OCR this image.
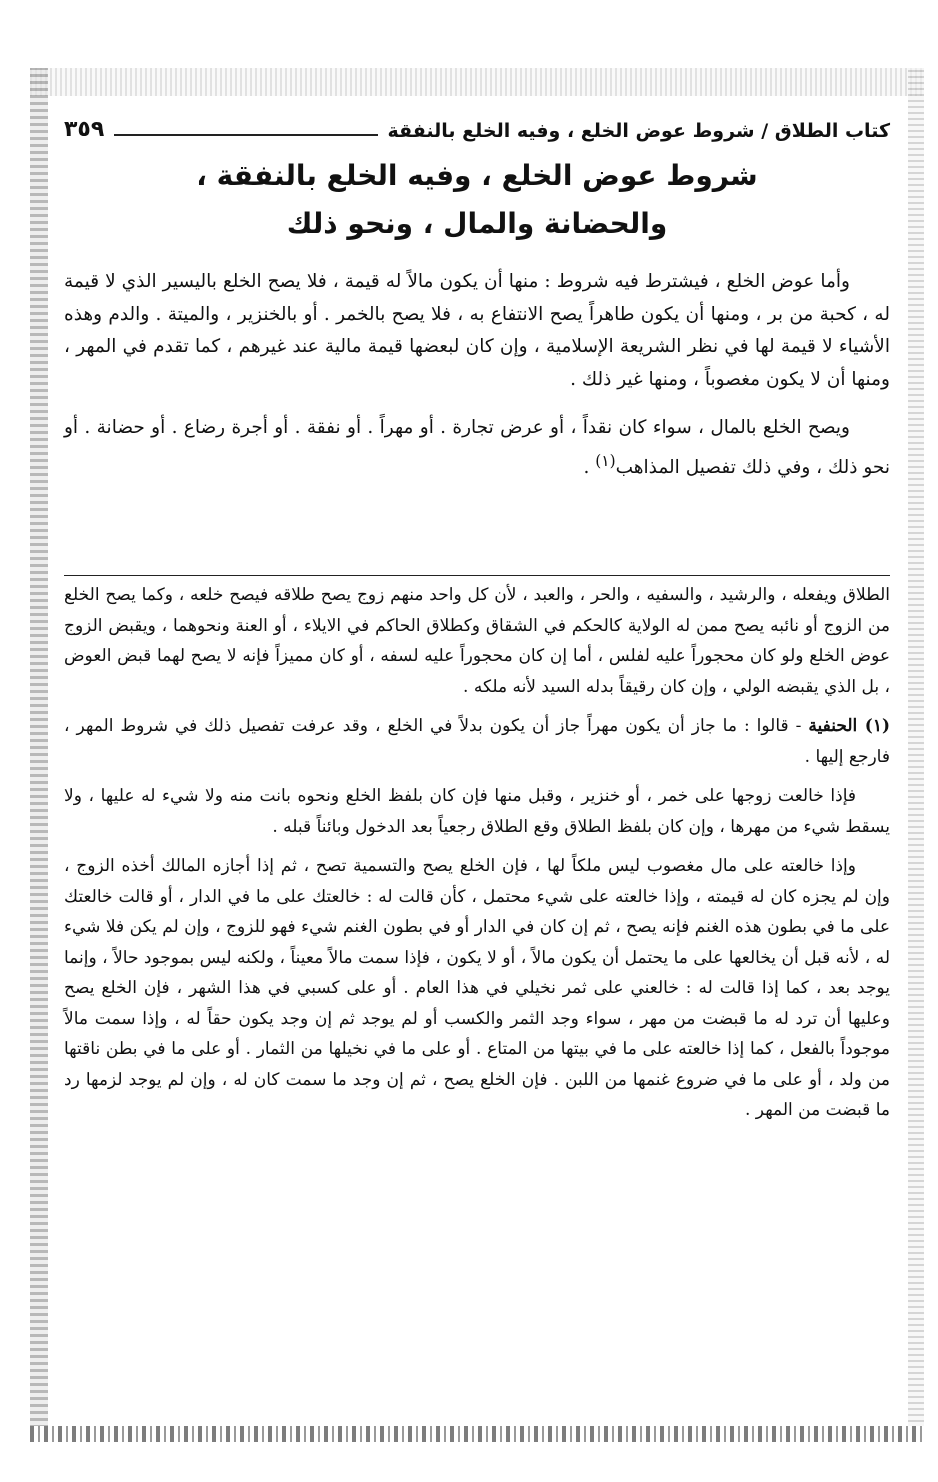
كتاب الطلاق / شروط عوض الخلع ، وفيه الخلع بالنفقة
٣٥٩
شروط عوض الخلع ، وفيه الخلع بالنفقة ،
والحضانة والمال ، ونحو ذلك

وأما عوض الخلع ، فيشترط فيه شروط : منها أن يكون مالاً له قيمة ، فلا يصح الخلع باليسير الذي لا قيمة له ، كحبة من بر ، ومنها أن يكون طاهراً يصح الانتفاع به ، فلا يصح بالخمر . أو بالخنزير ، والميتة . والدم وهذه الأشياء لا قيمة لها في نظر الشريعة الإسلامية ، وإن كان لبعضها قيمة مالية عند غيرهم ، كما تقدم في المهر ، ومنها أن لا يكون مغصوباً ، ومنها غير ذلك .

ويصح الخلع بالمال ، سواء كان نقداً ، أو عرض تجارة . أو مهراً . أو نفقة . أو أجرة رضاع . أو حضانة . أو نحو ذلك ، وفي ذلك تفصيل المذاهب$^{(١)}$ .

الطلاق ويفعله ، والرشيد ، والسفيه ، والحر ، والعبد ، لأن كل واحد منهم زوج يصح طلاقه فيصح خلعه ، وكما يصح الخلع من الزوج أو نائبه يصح ممن له الولاية كالحكم في الشقاق وكطلاق الحاكم في الايلاء ، أو العنة ونحوهما ، ويقبض الزوج عوض الخلع ولو كان محجوراً عليه لفلس ، أما إن كان محجوراً عليه لسفه ، أو كان مميزاً فإنه لا يصح لهما قبض العوض ، بل الذي يقبضه الولي ، وإن كان رقيقاً بدله السيد لأنه ملكه .

(١) الحنفية - قالوا : ما جاز أن يكون مهراً جاز أن يكون بدلاً في الخلع ، وقد عرفت تفصيل ذلك في شروط المهر ، فارجع إليها .

فإذا خالعت زوجها على خمر ، أو خنزير ، وقبل منها فإن كان بلفظ الخلع ونحوه بانت منه ولا شيء له عليها ، ولا يسقط شيء من مهرها ، وإن كان بلفظ الطلاق وقع الطلاق رجعياً بعد الدخول وبائناً قبله .

وإذا خالعته على مال مغصوب ليس ملكاً لها ، فإن الخلع يصح والتسمية تصح ، ثم إذا أجازه المالك أخذه الزوج ، وإن لم يجزه كان له قيمته ، وإذا خالعته على شيء محتمل ، كأن قالت له : خالعتك على ما في الدار ، أو قالت خالعتك على ما في بطون هذه الغنم فإنه يصح ، ثم إن كان في الدار أو في بطون الغنم شيء فهو للزوج ، وإن لم يكن فلا شيء له ، لأنه قبل أن يخالعها على ما يحتمل أن يكون مالاً ، أو لا يكون ، فإذا سمت مالاً معيناً ، ولكنه ليس بموجود حالاً ، وإنما يوجد بعد ، كما إذا قالت له : خالعني على ثمر نخيلي في هذا العام . أو على كسبي في هذا الشهر ، فإن الخلع يصح وعليها أن ترد له ما قبضت من مهر ، سواء وجد الثمر والكسب أو لم يوجد ثم إن وجد يكون حقاً له ، وإذا سمت مالاً موجوداً بالفعل ، كما إذا خالعته على ما في بيتها من المتاع . أو على ما في نخيلها من الثمار . أو على ما في بطن ناقتها من ولد ، أو على ما في ضروع غنمها من اللبن . فإن الخلع يصح ، ثم إن وجد ما سمت كان له ، وإن لم يوجد لزمها رد ما قبضت من المهر .
